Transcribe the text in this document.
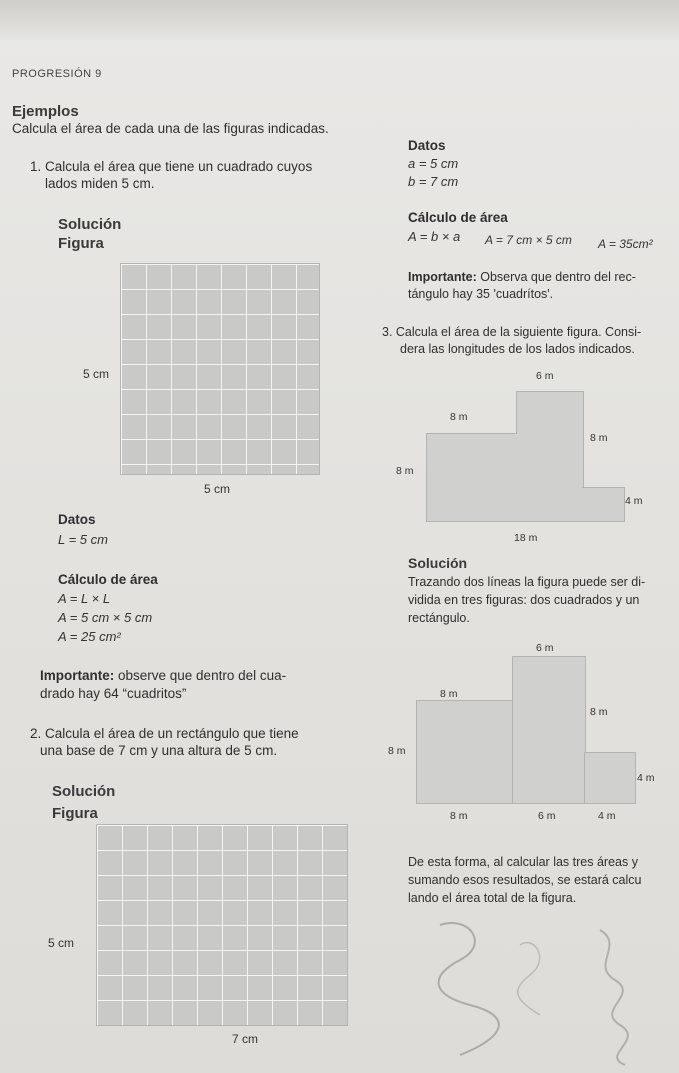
PROGRESIÓN 9
Ejemplos
Calcula el área de cada una de las figuras indicadas.
1. Calcula el área que tiene un cuadrado cuyos
lados miden 5 cm.
Solución
Figura
5 cm
5 cm
Datos
L = 5 cm
Cálculo de área
A = L × L
A = 5 cm × 5 cm
A = 25 cm²
Importante: observe que dentro del cua-
drado hay 64 “cuadritos”
2. Calcula el área de un rectángulo que tiene
una base de 7 cm y una altura de 5 cm.
Solución
Figura
5 cm
7 cm
Datos
a = 5 cm
b = 7 cm
Cálculo de área
A = b × a A = 7 cm × 5 cm A = 35cm²
Importante: Observa que dentro del rec-
tángulo hay 35 'cuadrítos'.
3. Calcula el área de la siguiente figura. Consi-
dera las longitudes de los lados indicados.
6 m
8 m
8 m
8 m
4 m
18 m
Solución
Trazando dos líneas la figura puede ser di-
vidida en tres figuras: dos cuadrados y un
rectángulo.
6 m
8 m
8 m
8 m
4 m
8 m	6 m	4 m
De esta forma, al calcular las tres áreas y
sumando esos resultados, se estará calcu
lando el área total de la figura.
